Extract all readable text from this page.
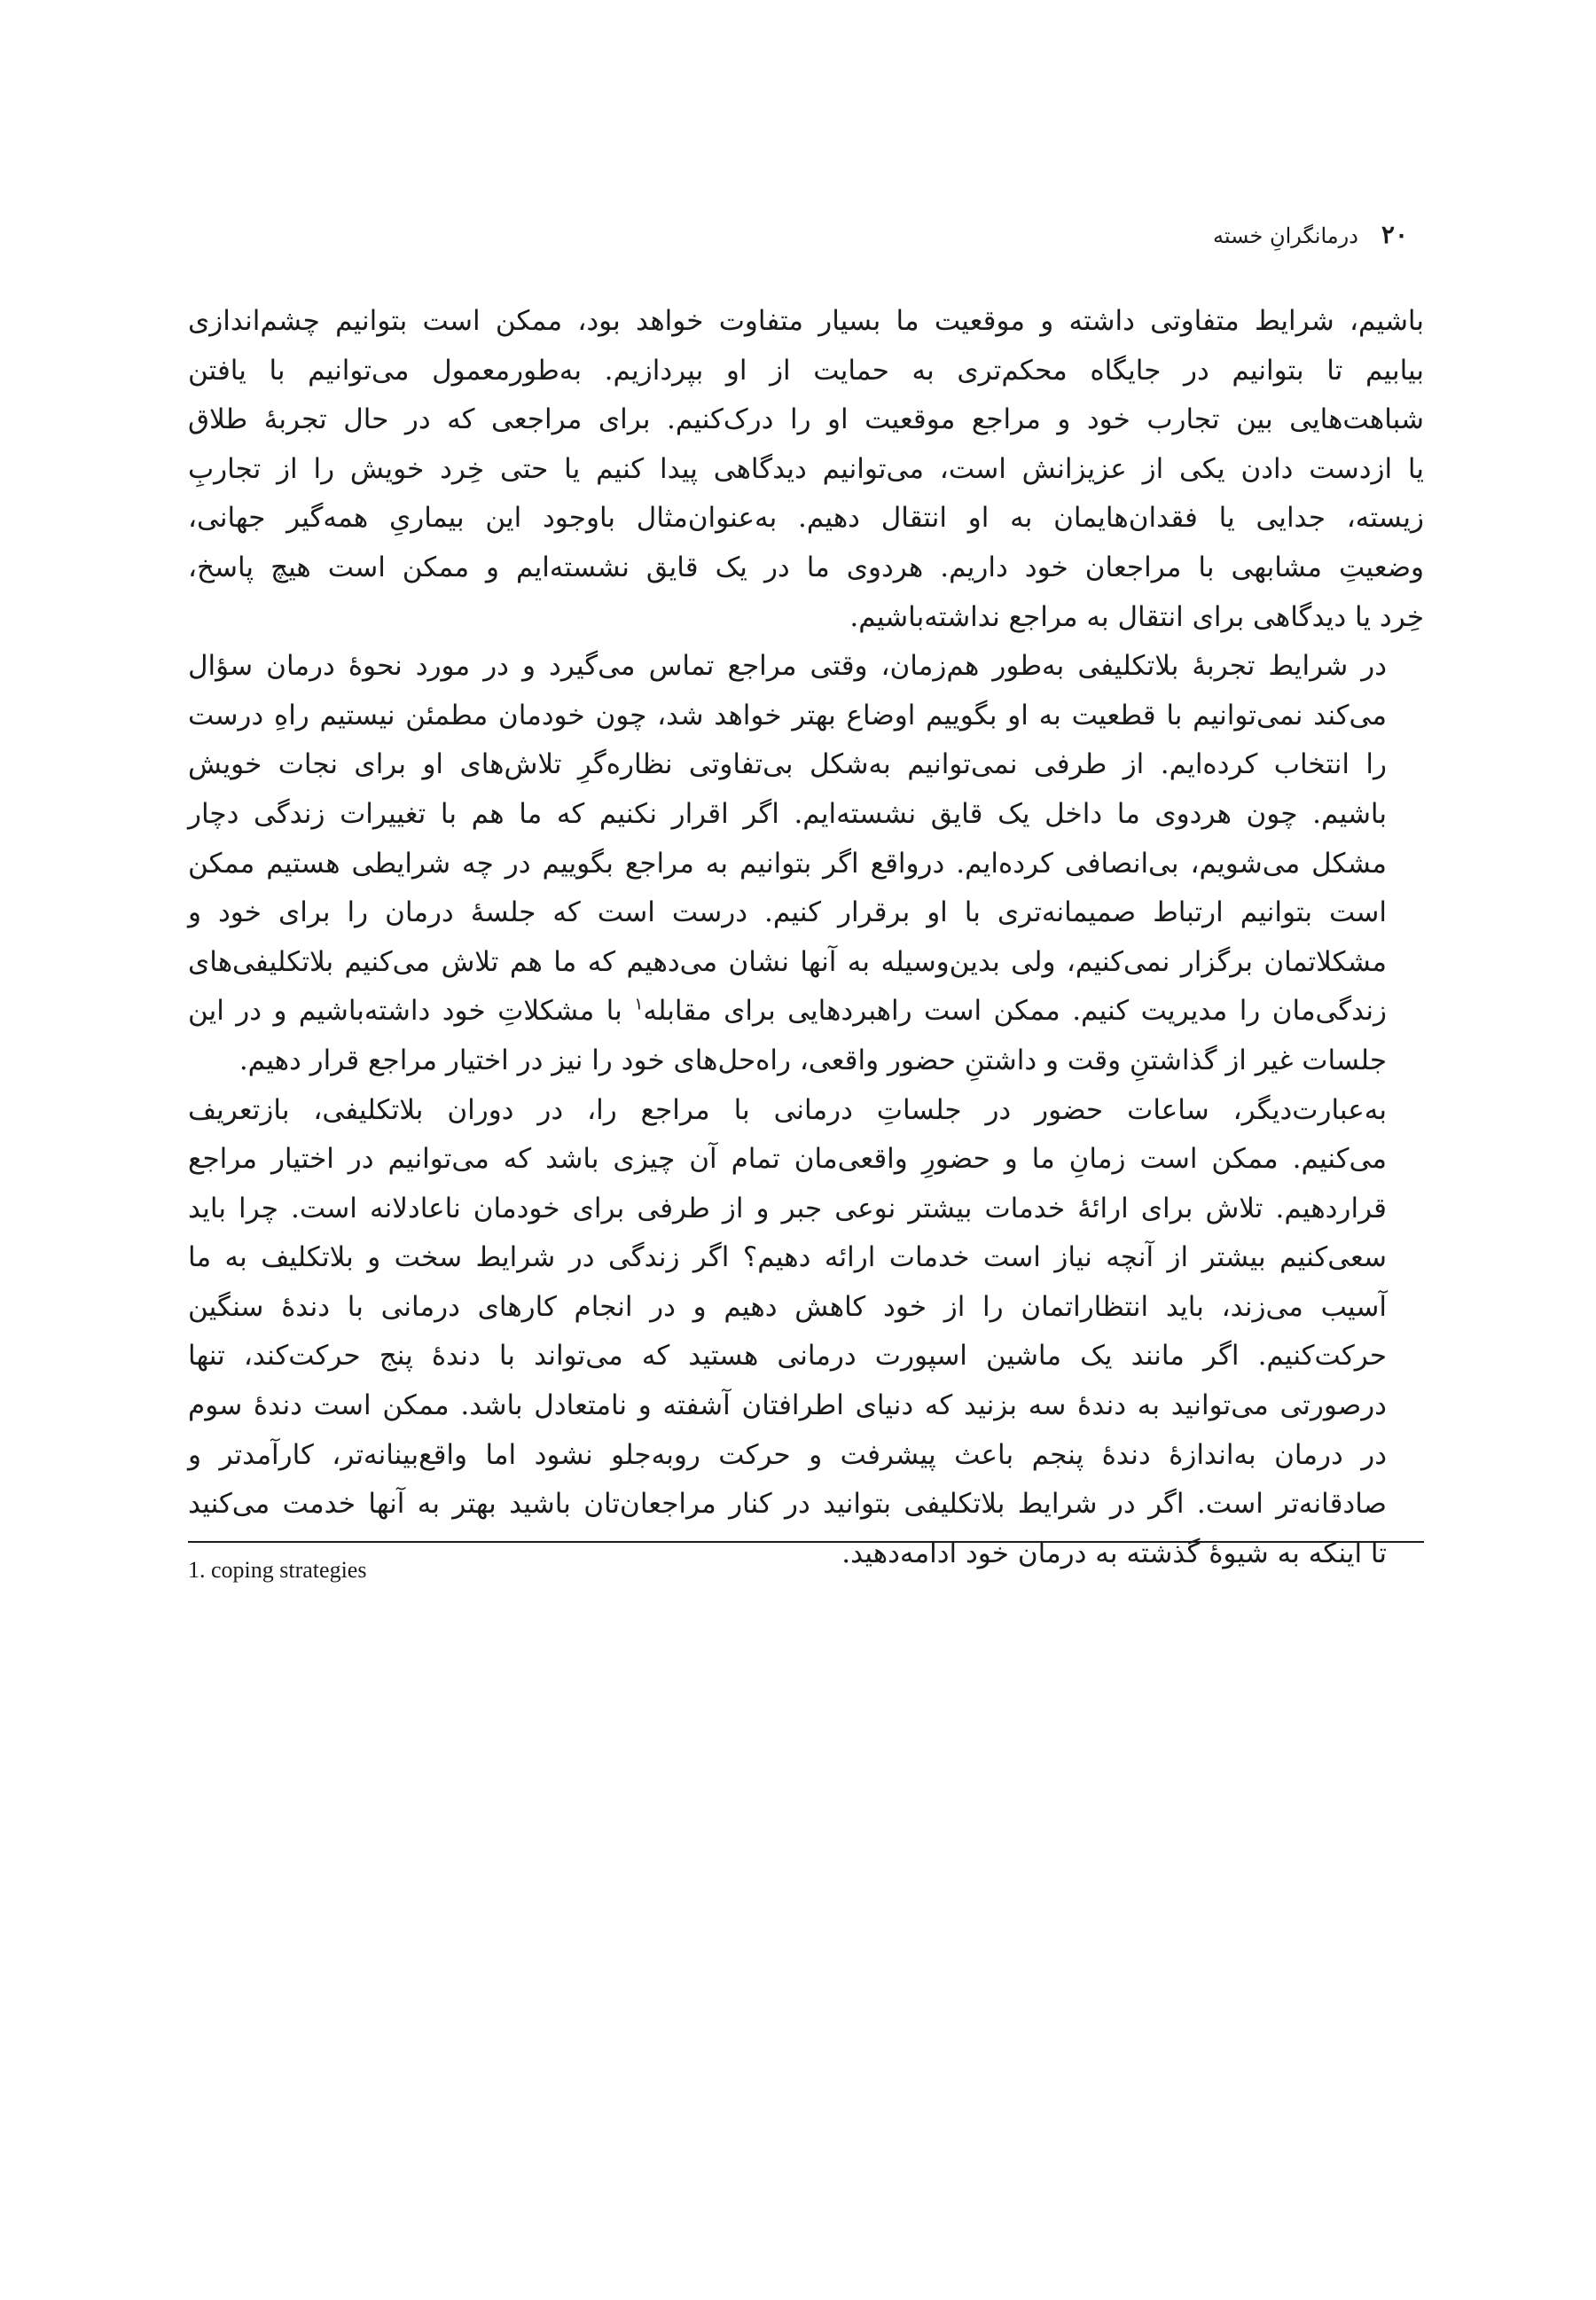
۲۰
درمانگرانِ خسته

باشیم، شرایط متفاوتی داشته و موقعیت ما بسیار متفاوت خواهد بود، ممکن است بتوانیم چشم‌اندازی
بیابیم تا بتوانیم در جایگاه محکم‌تری به حمایت از او بپردازیم. به‌طورمعمول می‌توانیم با یافتن
شباهت‌هایی بین تجارب خود و مراجع موقعیت او را درک‌کنیم. برای مراجعی که در حال تجربهٔ طلاق
یا ازدست دادن یکی از عزیزانش است، می‌توانیم دیدگاهی پیدا کنیم یا حتی خِرد خویش را از تجاربِ
زیسته، جدایی یا فقدان‌هایمان به او انتقال دهیم. به‌عنوان‌مثال باوجود این بیماریِ همه‌گیر جهانی،
وضعیتِ مشابهی با مراجعان خود داریم. هردوی ما در یک قایق نشسته‌ایم و ممکن است هیچ پاسخ،
خِرد یا دیدگاهی برای انتقال به مراجع نداشته‌باشیم.

در شرایط تجربهٔ بلاتکلیفی به‌طور هم‌زمان، وقتی مراجع تماس می‌گیرد و در مورد نحوهٔ درمان سؤال
می‌کند نمی‌توانیم با قطعیت به او بگوییم اوضاع بهتر خواهد شد، چون خودمان مطمئن نیستیم راهِ درست
را انتخاب کرده‌ایم. از طرفی نمی‌توانیم به‌شکل بی‌تفاوتی نظاره‌گرِ تلاش‌های او برای نجات خویش
باشیم. چون هردوی ما داخل یک قایق نشسته‌ایم. اگر اقرار نکنیم که ما هم با تغییرات زندگی دچار
مشکل می‌شویم، بی‌انصافی کرده‌ایم. درواقع اگر بتوانیم به مراجع بگوییم در چه شرایطی هستیم ممکن
است بتوانیم ارتباط صمیمانه‌تری با او برقرار کنیم. درست است که جلسهٔ درمان را برای خود و
مشکلاتمان برگزار نمی‌کنیم، ولی بدین‌وسیله به آنها نشان می‌دهیم که ما هم تلاش می‌کنیم بلاتکلیفی‌های
زندگی‌مان را مدیریت کنیم. ممکن است راهبردهایی برای مقابله$^۱$ با مشکلاتِ خود داشته‌باشیم و در این
جلسات غیر از گذاشتنِ وقت و داشتنِ حضور واقعی، راه‌حل‌های خود را نیز در اختیار مراجع قرار دهیم.

به‌عبارت‌دیگر، ساعات حضور در جلساتِ درمانی با مراجع را، در دوران بلاتکلیفی، بازتعریف
می‌کنیم. ممکن است زمانِ ما و حضورِ واقعی‌مان تمام آن چیزی باشد که می‌توانیم در اختیار مراجع
قراردهیم. تلاش برای ارائهٔ خدمات بیشتر نوعی جبر و از طرفی برای خودمان ناعادلانه است. چرا باید
سعی‌کنیم بیشتر از آنچه نیاز است خدمات ارائه دهیم؟ اگر زندگی در شرایط سخت و بلاتکلیف به ما
آسیب می‌زند، باید انتظاراتمان را از خود کاهش دهیم و در انجام کارهای درمانی با دندهٔ سنگین
حرکت‌کنیم. اگر مانند یک ماشین اسپورت درمانی هستید که می‌تواند با دندهٔ پنج حرکت‌کند، تنها
درصورتی می‌توانید به دندهٔ سه بزنید که دنیای اطرافتان آشفته و نامتعادل باشد. ممکن است دندهٔ سوم
در درمان به‌اندازهٔ دندهٔ پنجم باعث پیشرفت و حرکت روبه‌جلو نشود اما واقع‌بینانه‌تر، کارآمدتر و
صادقانه‌تر است. اگر در شرایط بلاتکلیفی بتوانید در کنار مراجعان‌تان باشید بهتر به آنها خدمت می‌کنید
تا اینکه به شیوهٔ گذشته به درمان خود ادامه‌دهید.

1. coping strategies
